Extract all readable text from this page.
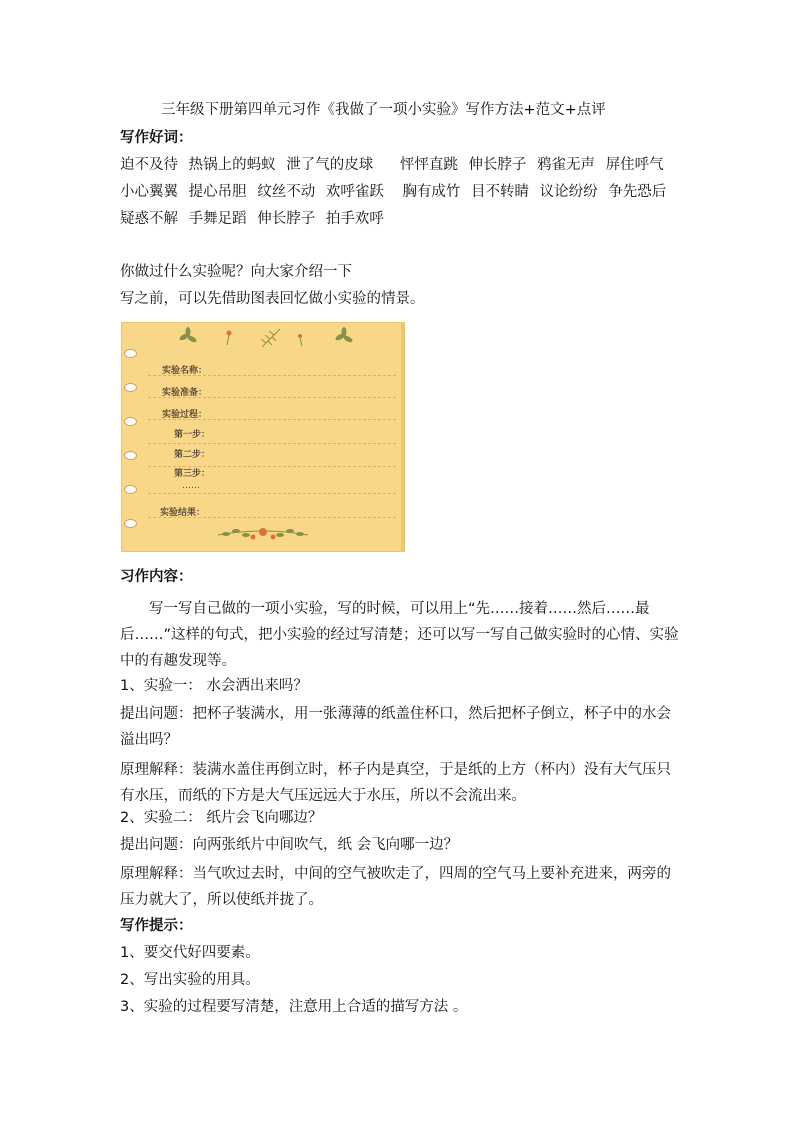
三年级下册第四单元习作《我做了一项小实验》写作方法+范文+点评
写作好词：
迫不及待 热锅上的蚂蚁 泄了气的皮球 怦怦直跳 伸长脖子 鸦雀无声 屏住呼气
小心翼翼 提心吊胆 纹丝不动 欢呼雀跃 胸有成竹 目不转睛 议论纷纷 争先恐后
疑惑不解 手舞足蹈 伸长脖子 拍手欢呼
你做过什么实验呢？向大家介绍一下
写之前，可以先借助图表回忆做小实验的情景。
实验名称：
实验准备：
实验过程：
第一步：
第二步：
第三步：
……
实验结果：
习作内容：
写一写自己做的一项小实验，写的时候，可以用上“先……接着……然后……最后……”这样的句式，把小实验的经过写清楚；还可以写一写自己做实验时的心情、实验中的有趣发现等。
1、实验一： 水会洒出来吗？
提出问题：把杯子装满水，用一张薄薄的纸盖住杯口，然后把杯子倒立，杯子中的水会溢出吗？
原理解释：装满水盖住再倒立时，杯子内是真空，于是纸的上方（杯内）没有大气压只有水压，而纸的下方是大气压远远大于水压，所以不会流出来。
2、实验二： 纸片会飞向哪边？
提出问题：向两张纸片中间吹气，纸 会飞向哪一边？
原理解释：当气吹过去时，中间的空气被吹走了，四周的空气马上要补充进来，两旁的压力就大了，所以使纸并拢了。
写作提示：
1、要交代好四要素。
2、写出实验的用具。
3、实验的过程要写清楚，注意用上合适的描写方法 。
